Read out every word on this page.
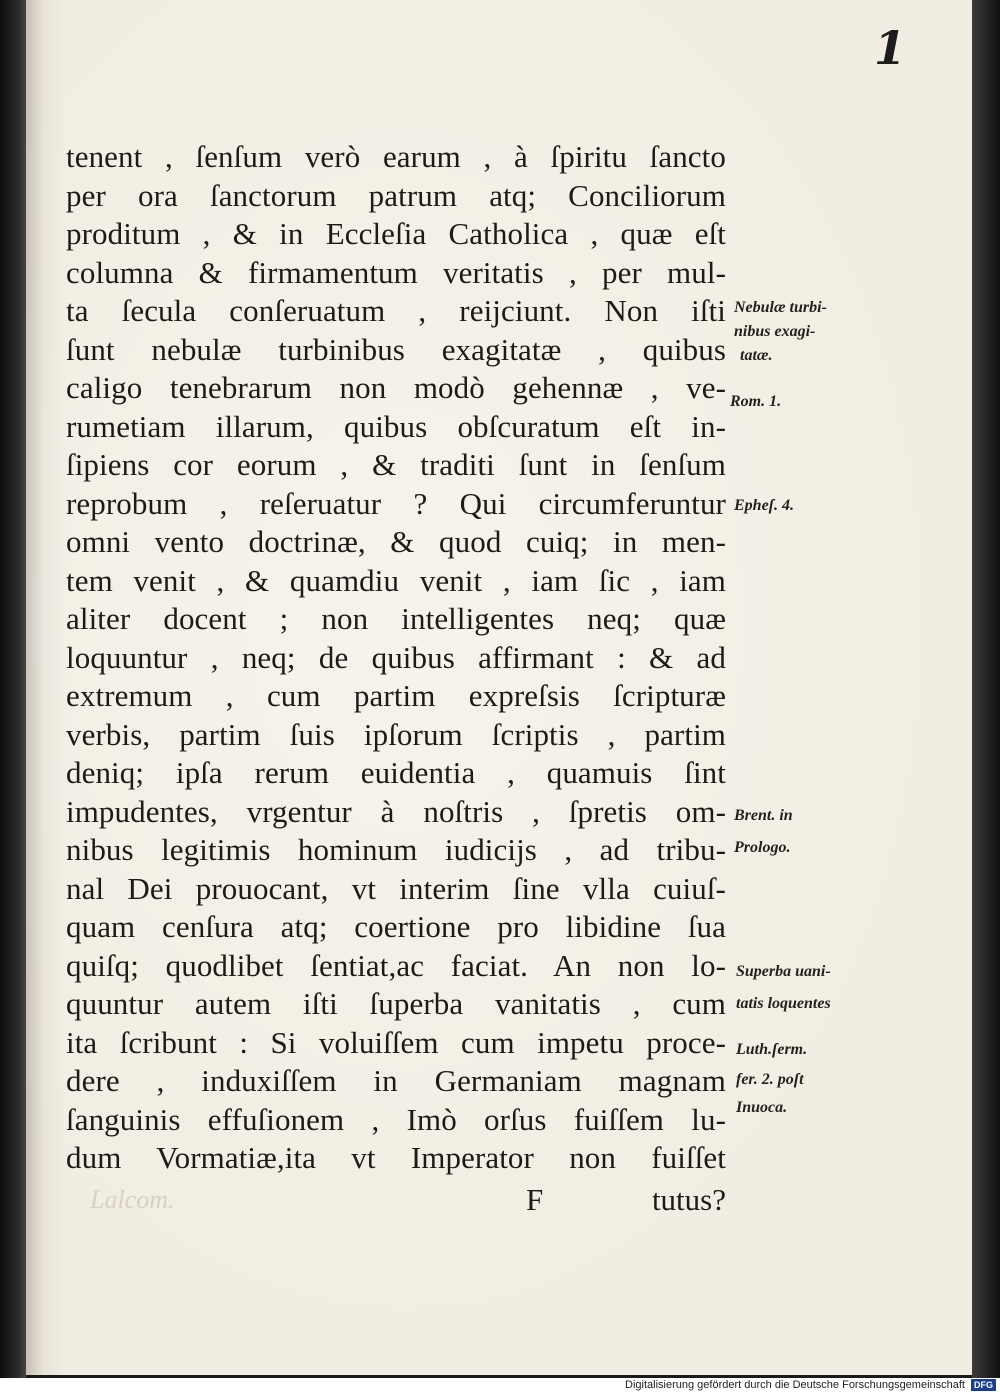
1
tenent , ſenſum verò earum , à ſpiritu ſancto
per ora ſanctorum patrum atq; Conciliorum
proditum , & in Eccleſia Catholica , quæ eſt
columna & firmamentum veritatis , per mul-
ta ſecula conſeruatum , reijciunt. Non iſti
ſunt nebulæ turbinibus exagitatæ , quibus
caligo tenebrarum non modò gehennæ , ve-
rumetiam illarum, quibus obſcuratum eſt in-
ſipiens cor eorum , & traditi ſunt in ſenſum
reprobum , reſeruatur ? Qui circumferuntur
omni vento doctrinæ, & quod cuiq; in men-
tem venit , & quamdiu venit , iam ſic , iam
aliter docent ; non intelligentes neq; quæ
loquuntur , neq; de quibus affirmant : & ad
extremum , cum partim expreſsis ſcripturæ
verbis, partim ſuis ipſorum ſcriptis , partim
deniq; ipſa rerum euidentia , quamuis ſint
impudentes, vrgentur à noſtris , ſpretis om-
nibus legitimis hominum iudicijs , ad tribu-
nal Dei prouocant, vt interim ſine vlla cuiuſ-
quam cenſura atq; coertione pro libidine ſua
quiſq; quodlibet ſentiat,ac faciat. An non lo-
quuntur autem iſti ſuperba vanitatis , cum
ita ſcribunt : Si voluiſſem cum impetu proce-
dere , induxiſſem in Germaniam magnam
ſanguinis effuſionem , Imò orſus fuiſſem lu-
dum Vormatiæ,ita vt Imperator non fuiſſet
F	tutus?
Lalcom.
Nebulæ turbi-
nibus exagi-
tatæ.
Rom. 1.
Epheſ. 4.
Brent. in
Prologo.
Superba uani-
tatis loquentes
Luth.ſerm.
fer. 2. poſt
Inuoca.
Digitalisierung gefördert durch die Deutsche Forschungsgemeinschaft DFG
